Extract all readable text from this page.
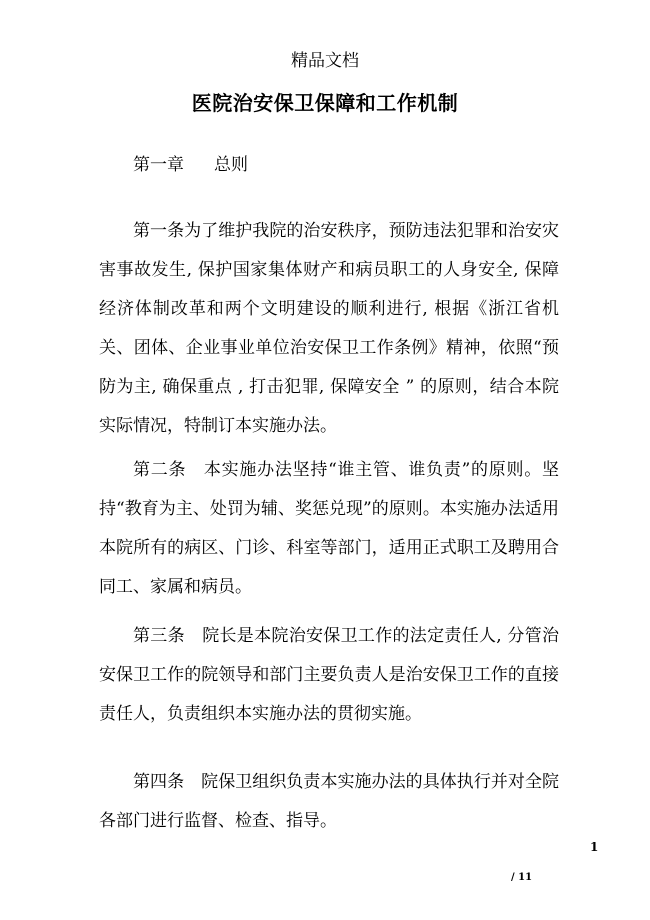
精品文档
医院治安保卫保障和工作机制
第一章 总则

第一条为了维护我院的治安秩序，预防违法犯罪和治安灾害事故发生, 保护国家集体财产和病员职工的人身安全, 保障经济体制改革和两个文明建设的顺利进行, 根据《浙江省机关、团体、企业事业单位治安保卫工作条例》精神，依照“预防为主, 确保重点 , 打击犯罪, 保障安全 ” 的原则，结合本院实际情况，特制订本实施办法。

第二条　本实施办法坚持“谁主管、谁负责”的原则。坚持“教育为主、处罚为辅、奖惩兑现”的原则。本实施办法适用本院所有的病区、门诊、科室等部门，适用正式职工及聘用合同工、家属和病员。

第三条　院长是本院治安保卫工作的法定责任人, 分管治安保卫工作的院领导和部门主要负责人是治安保卫工作的直接责任人，负责组织本实施办法的贯彻实施。

第四条　院保卫组织负责本实施办法的具体执行并对全院各部门进行监督、检查、指导。

1
/ 11
